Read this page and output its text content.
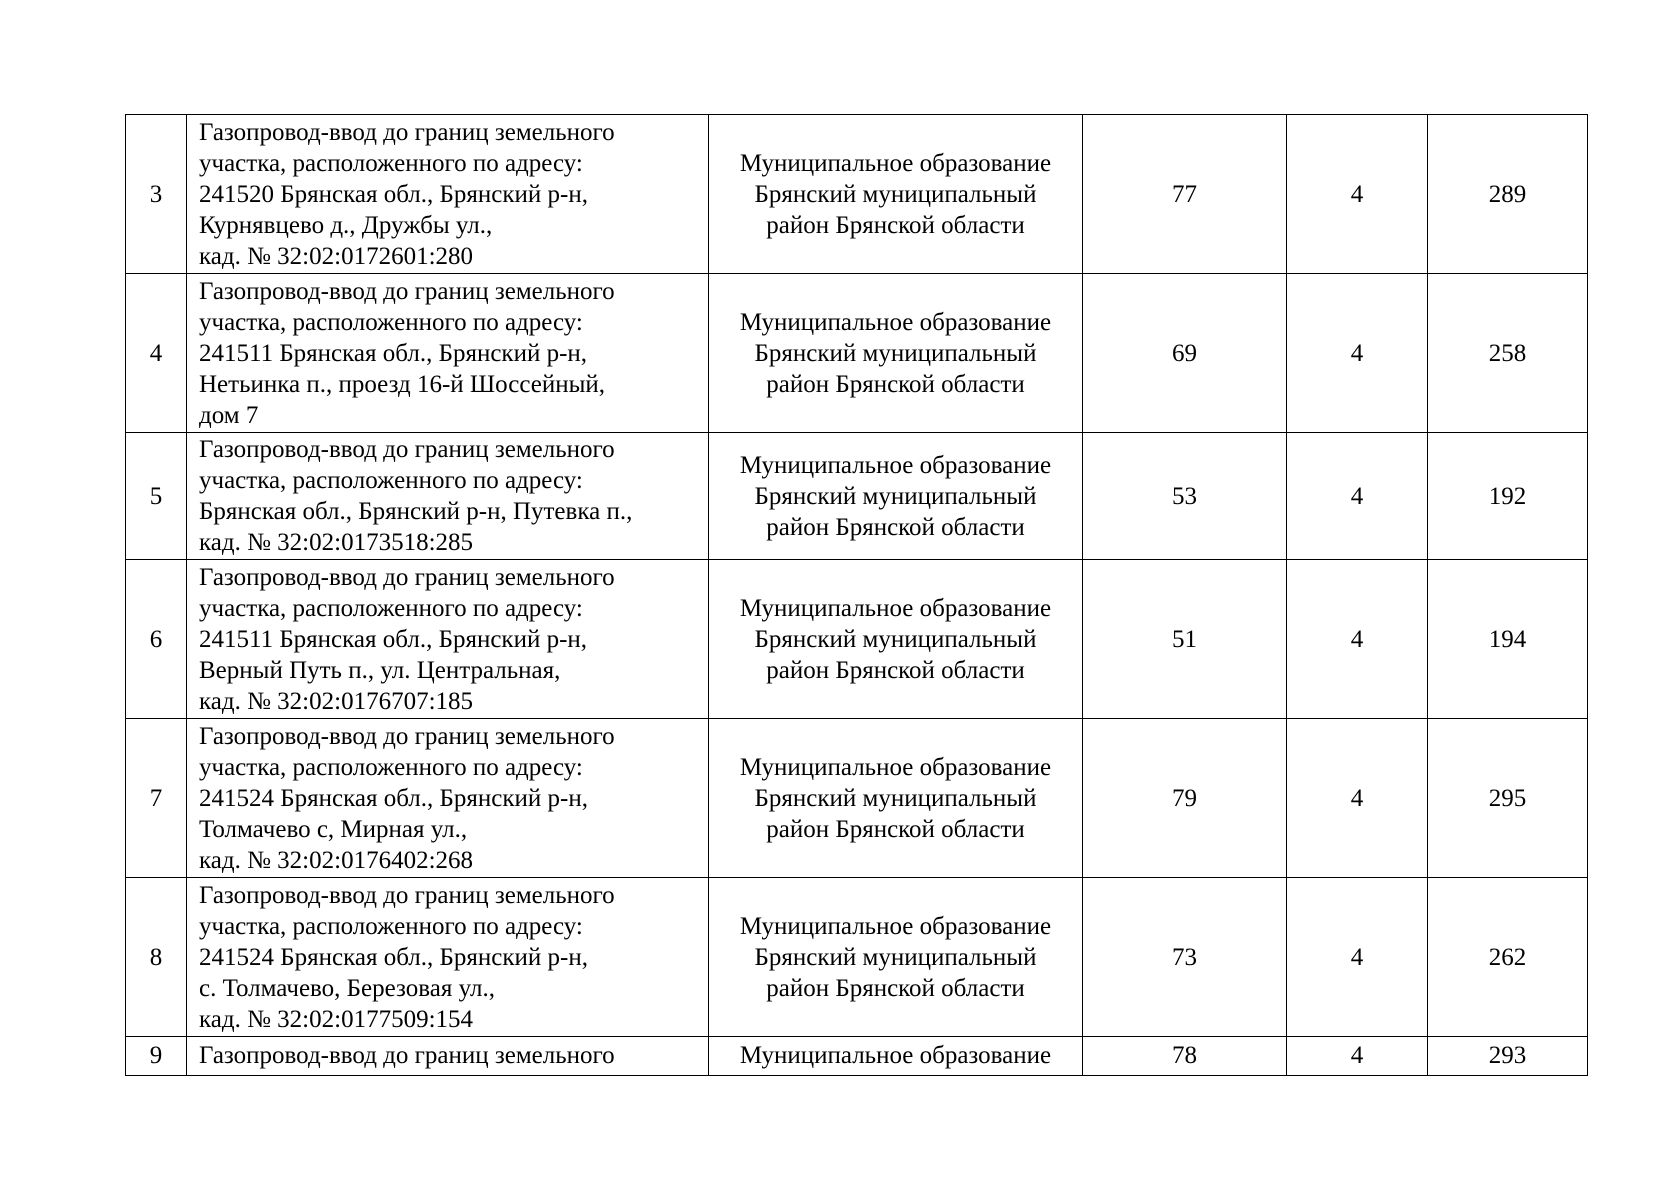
3	Газопровод-ввод до границ земельного
участка, расположенного по адресу:
241520 Брянская обл., Брянский р-н,
Курнявцево д., Дружбы ул.,
кад. № 32:02:0172601:280	Муниципальное образование
Брянский муниципальный
район Брянской области	77	4	289
4	Газопровод-ввод до границ земельного
участка, расположенного по адресу:
241511 Брянская обл., Брянский р-н,
Нетьинка п., проезд 16-й Шоссейный,
дом 7	Муниципальное образование
Брянский муниципальный
район Брянской области	69	4	258
5	Газопровод-ввод до границ земельного
участка, расположенного по адресу:
Брянская обл., Брянский р-н, Путевка п.,
кад. № 32:02:0173518:285	Муниципальное образование
Брянский муниципальный
район Брянской области	53	4	192
6	Газопровод-ввод до границ земельного
участка, расположенного по адресу:
241511 Брянская обл., Брянский р-н,
Верный Путь п., ул. Центральная,
кад. № 32:02:0176707:185	Муниципальное образование
Брянский муниципальный
район Брянской области	51	4	194
7	Газопровод-ввод до границ земельного
участка, расположенного по адресу:
241524 Брянская обл., Брянский р-н,
Толмачево с, Мирная ул.,
кад. № 32:02:0176402:268	Муниципальное образование
Брянский муниципальный
район Брянской области	79	4	295
8	Газопровод-ввод до границ земельного
участка, расположенного по адресу:
241524 Брянская обл., Брянский р-н,
с. Толмачево, Березовая ул.,
кад. № 32:02:0177509:154	Муниципальное образование
Брянский муниципальный
район Брянской области	73	4	262
9	Газопровод-ввод до границ земельного	Муниципальное образование	78	4	293
